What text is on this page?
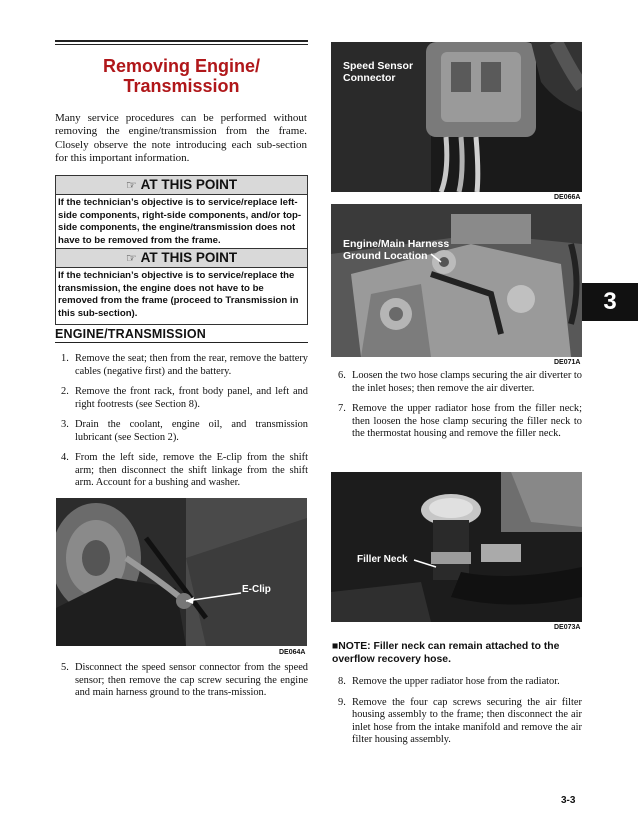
Removing Engine/
Transmission
Many service procedures can be performed without removing the engine/transmission from the frame. Closely observe the note introducing each sub-section for this important information.
☞ AT THIS POINT
If the technician’s objective is to service/replace left-side components, right-side components, and/or top-side components, the engine/transmission does not have to be removed from the frame.
☞ AT THIS POINT
If the technician’s objective is to service/replace the transmission, the engine does not have to be removed from the frame (proceed to Transmission in this sub-section).
ENGINE/TRANSMISSION
1. Remove the seat; then from the rear, remove the battery cables (negative first) and the battery.
2. Remove the front rack, front body panel, and left and right footrests (see Section 8).
3. Drain the coolant, engine oil, and transmission lubricant (see Section 2).
4. From the left side, remove the E-clip from the shift arm; then disconnect the shift linkage from the shift arm. Account for a bushing and washer.
E-Clip
DE064A
5. Disconnect the speed sensor connector from the speed sensor; then remove the cap screw securing the engine and main harness ground to the trans-mission.
Speed Sensor
Connector
DE066A
Engine/Main Harness
Ground Location
DE071A
6. Loosen the two hose clamps securing the air diverter to the inlet hoses; then remove the air diverter.
7. Remove the upper radiator hose from the filler neck; then loosen the hose clamp securing the filler neck to the thermostat housing and remove the filler neck.
Filler Neck
DE073A
■NOTE: Filler neck can remain attached to the overflow recovery hose.
8. Remove the upper radiator hose from the radiator.
9. Remove the four cap screws securing the air filter housing assembly to the frame; then disconnect the air inlet hose from the intake manifold and remove the air filter housing assembly.
3
3-3
